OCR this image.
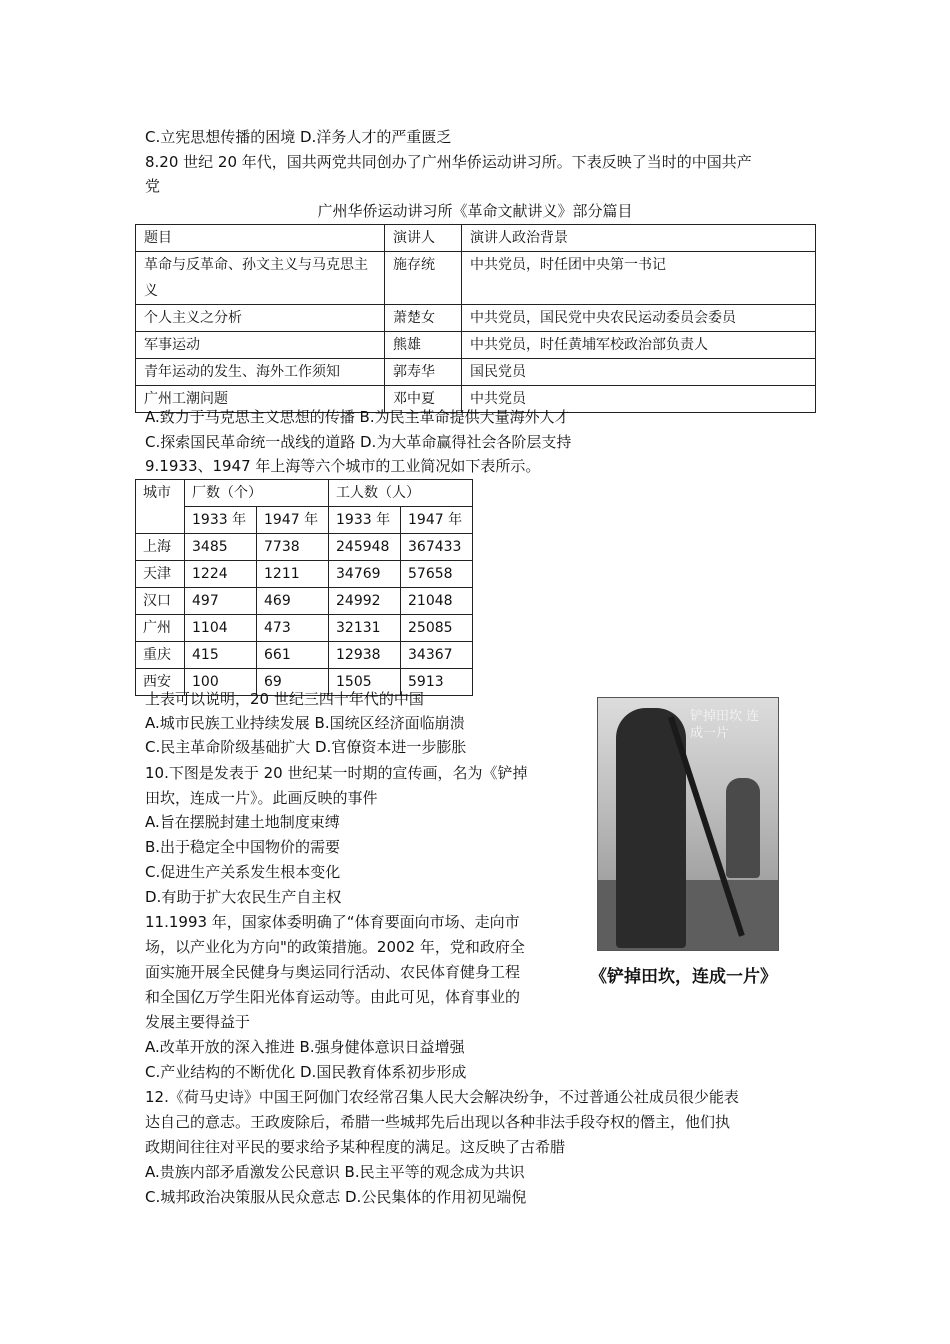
C.立宪思想传播的困境 D.洋务人才的严重匮乏
8.20 世纪 20 年代，国共两党共同创办了广州华侨运动讲习所。下表反映了当时的中国共产
党
广州华侨运动讲习所《革命文献讲义》部分篇目
题目	演讲人	演讲人政治背景
革命与反革命、孙文主义与马克思主义	施存统	中共党员，时任团中央第一书记
个人主义之分析	萧楚女	中共党员，国民党中央农民运动委员会委员
军事运动	熊雄	中共党员，时任黄埔军校政治部负责人
青年运动的发生、海外工作须知	郭寿华	国民党员
广州工潮问题	邓中夏	中共党员
A.致力于马克思主义思想的传播 B.为民主革命提供大量海外人才
C.探索国民革命统一战线的道路 D.为大革命赢得社会各阶层支持
9.1933、1947 年上海等六个城市的工业简况如下表所示。
城市	厂数（个）		工人数（人）	
	1933 年	1947 年	1933 年	1947 年
上海	3485	7738	245948	367433
天津	1224	1211	34769	57658
汉口	497	469	24992	21048
广州	1104	473	32131	25085
重庆	415	661	12938	34367
西安	100	69	1505	5913
上表可以说明，20 世纪三四十年代的中国
A.城市民族工业持续发展 B.国统区经济面临崩溃
C.民主革命阶级基础扩大 D.官僚资本进一步膨胀
10.下图是发表于 20 世纪某一时期的宣传画，名为《铲掉
田坎，连成一片》。此画反映的事件
A.旨在摆脱封建土地制度束缚
B.出于稳定全中国物价的需要
C.促进生产关系发生根本变化
D.有助于扩大农民生产自主权
铲掉田坎 连成一片
《铲掉田坎，连成一片》
11.1993 年，国家体委明确了“体育要面向市场、走向市
场，以产业化为方向"的政策措施。2002 年，党和政府全
面实施开展全民健身与奥运同行活动、农民体育健身工程
和全国亿万学生阳光体育运动等。由此可见，体育事业的
发展主要得益于
A.改革开放的深入推进 B.强身健体意识日益增强
C.产业结构的不断优化 D.国民教育体系初步形成
12.《荷马史诗》中国王阿伽门农经常召集人民大会解决纷争，不过普通公社成员很少能表
达自己的意志。王政废除后，希腊一些城邦先后出现以各种非法手段夺权的僭主，他们执
政期间往往对平民的要求给予某种程度的满足。这反映了古希腊
A.贵族内部矛盾激发公民意识 B.民主平等的观念成为共识
C.城邦政治决策服从民众意志 D.公民集体的作用初见端倪
